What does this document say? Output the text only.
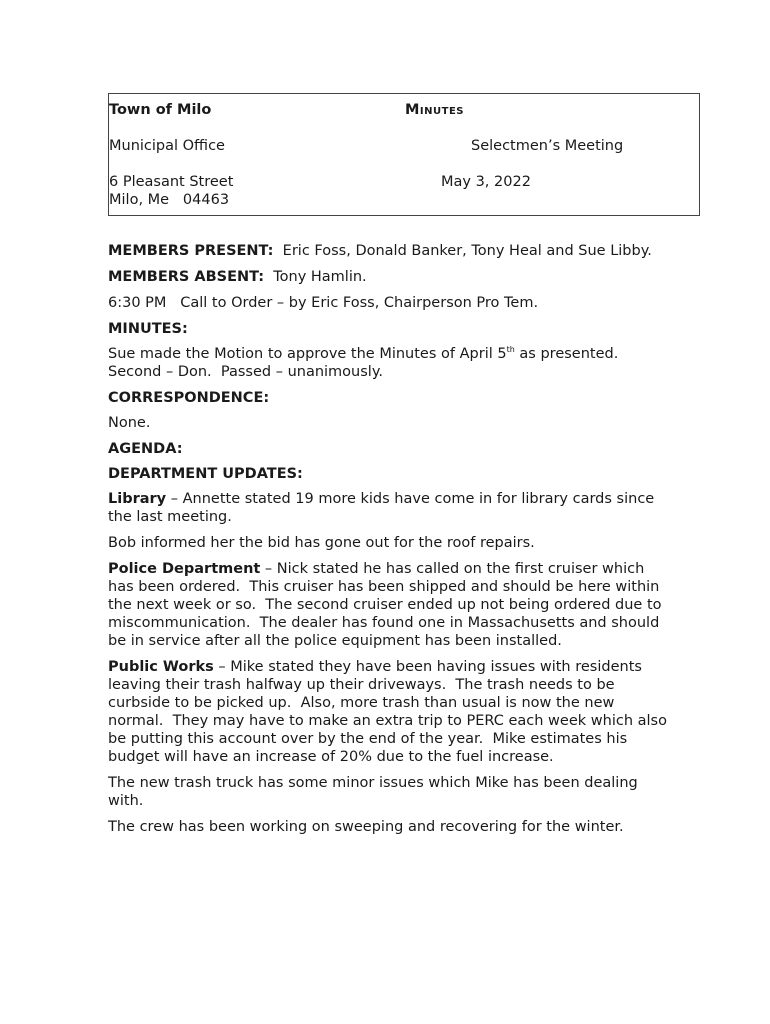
Town of Milo	Minutes
Municipal Office	Selectmen’s Meeting
6 Pleasant Street	May 3, 2022
Milo, Me   04463

MEMBERS PRESENT:  Eric Foss, Donald Banker, Tony Heal and Sue Libby.

MEMBERS ABSENT:  Tony Hamlin.

6:30 PM   Call to Order – by Eric Foss, Chairperson Pro Tem.

MINUTES:

Sue made the Motion to approve the Minutes of April 5th as presented.  Second – Don.  Passed – unanimously.

CORRESPONDENCE:

None.

AGENDA:

DEPARTMENT UPDATES:

Library – Annette stated 19 more kids have come in for library cards since the last meeting.

Bob informed her the bid has gone out for the roof repairs.

Police Department – Nick stated he has called on the first cruiser which has been ordered.  This cruiser has been shipped and should be here within the next week or so.  The second cruiser ended up not being ordered due to miscommunication.  The dealer has found one in Massachusetts and should be in service after all the police equipment has been installed.

Public Works – Mike stated they have been having issues with residents leaving their trash halfway up their driveways.  The trash needs to be curbside to be picked up.  Also, more trash than usual is now the new normal.  They may have to make an extra trip to PERC each week which also be putting this account over by the end of the year.  Mike estimates his budget will have an increase of 20% due to the fuel increase.

The new trash truck has some minor issues which Mike has been dealing with.

The crew has been working on sweeping and recovering for the winter.
